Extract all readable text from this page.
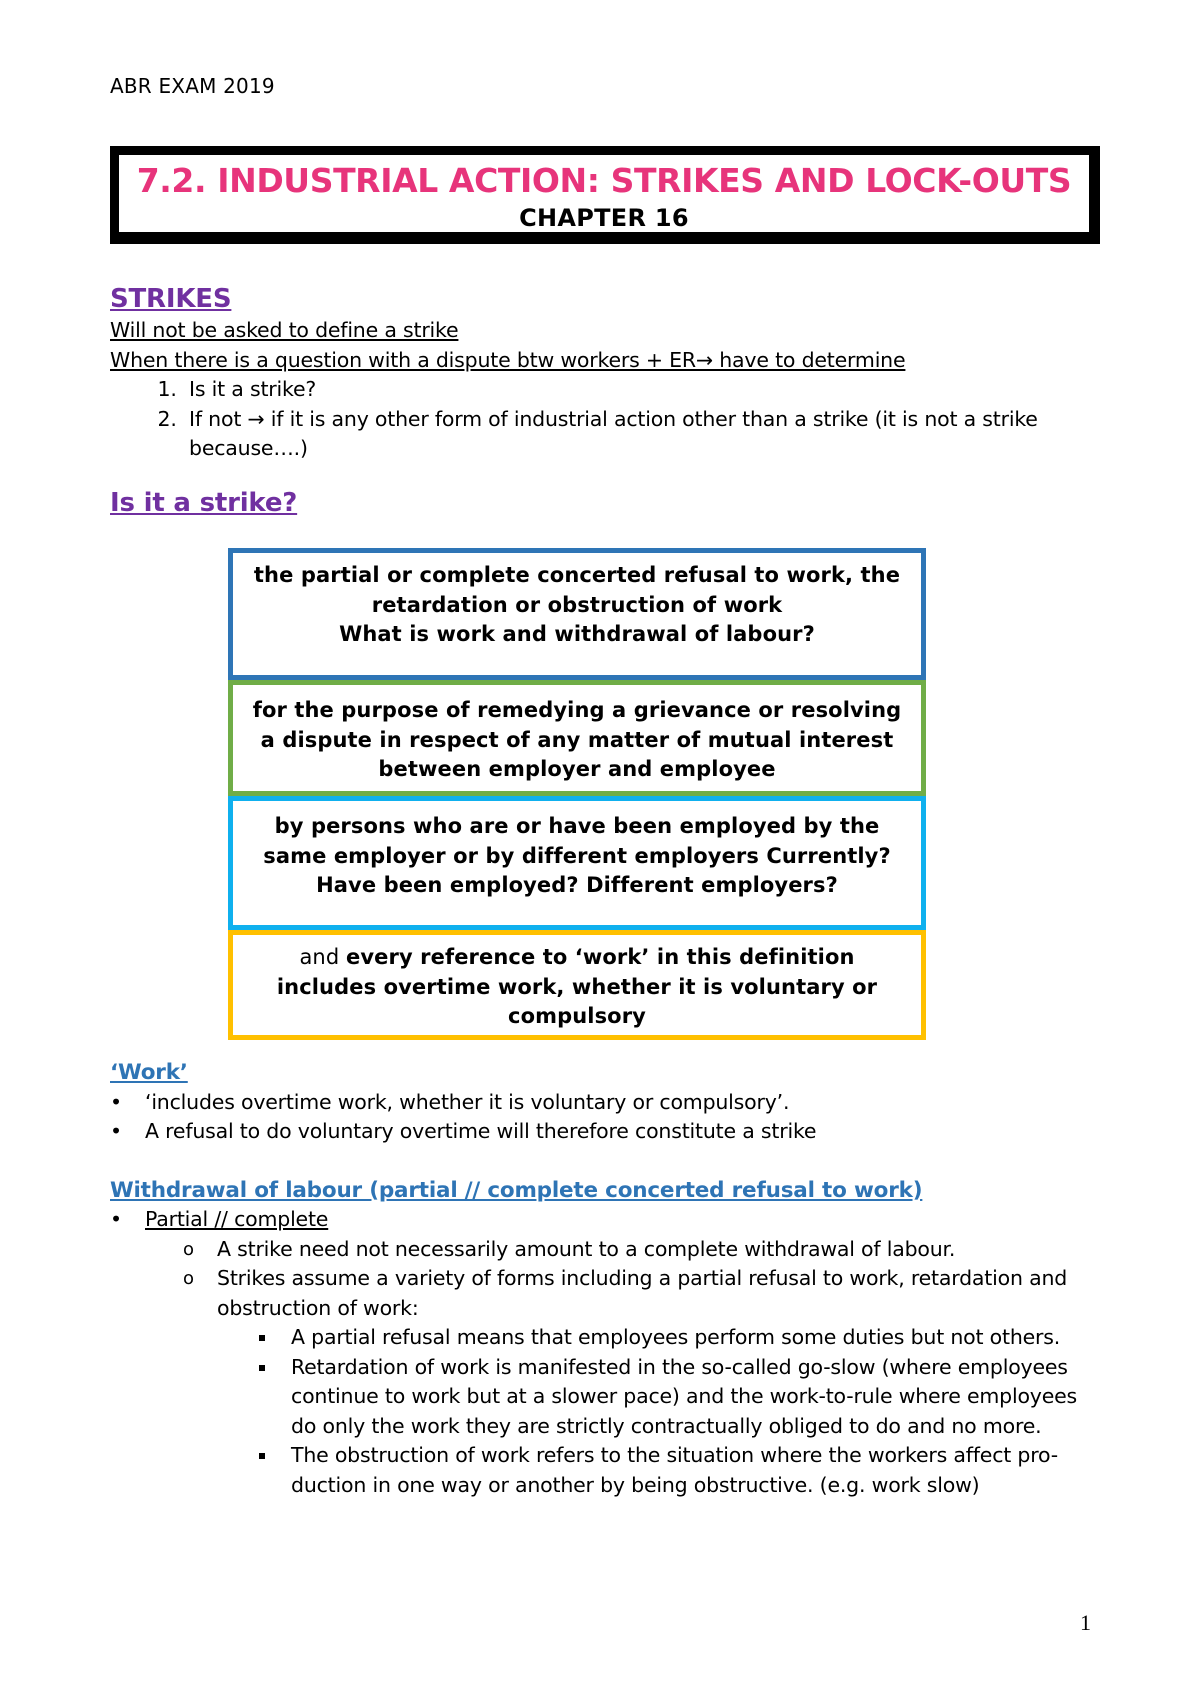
ABR EXAM 2019
7.2. INDUSTRIAL ACTION: STRIKES AND LOCK-OUTS
CHAPTER 16
STRIKES
Will not be asked to define a strike
When there is a question with a dispute btw workers + ER→ have to determine
1. Is it a strike?
2. If not → if it is any other form of industrial action other than a strike (it is not a strike because….)
Is it a strike?
the partial or complete concerted refusal to work, the
retardation or obstruction of work
What is work and withdrawal of labour?
for the purpose of remedying a grievance or resolving
a dispute in respect of any matter of mutual interest
between employer and employee
by persons who are or have been employed by the
same employer or by different employers Currently?
Have been employed? Different employers?
and every reference to ‘work’ in this definition
includes overtime work, whether it is voluntary or
compulsory
‘Work’
• ‘includes overtime work, whether it is voluntary or compulsory’.
• A refusal to do voluntary overtime will therefore constitute a strike
Withdrawal of labour (partial // complete concerted refusal to work)
• Partial // complete
o A strike need not necessarily amount to a complete withdrawal of labour.
o Strikes assume a variety of forms including a partial refusal to work, retardation and obstruction of work:
A partial refusal means that employees perform some duties but not others.
Retardation of work is manifested in the so-called go-slow (where employees continue to work but at a slower pace) and the work-to-rule where employees do only the work they are strictly contractually obliged to do and no more.
The obstruction of work refers to the situation where the workers affect pro-duction in one way or another by being obstructive. (e.g. work slow)
1
